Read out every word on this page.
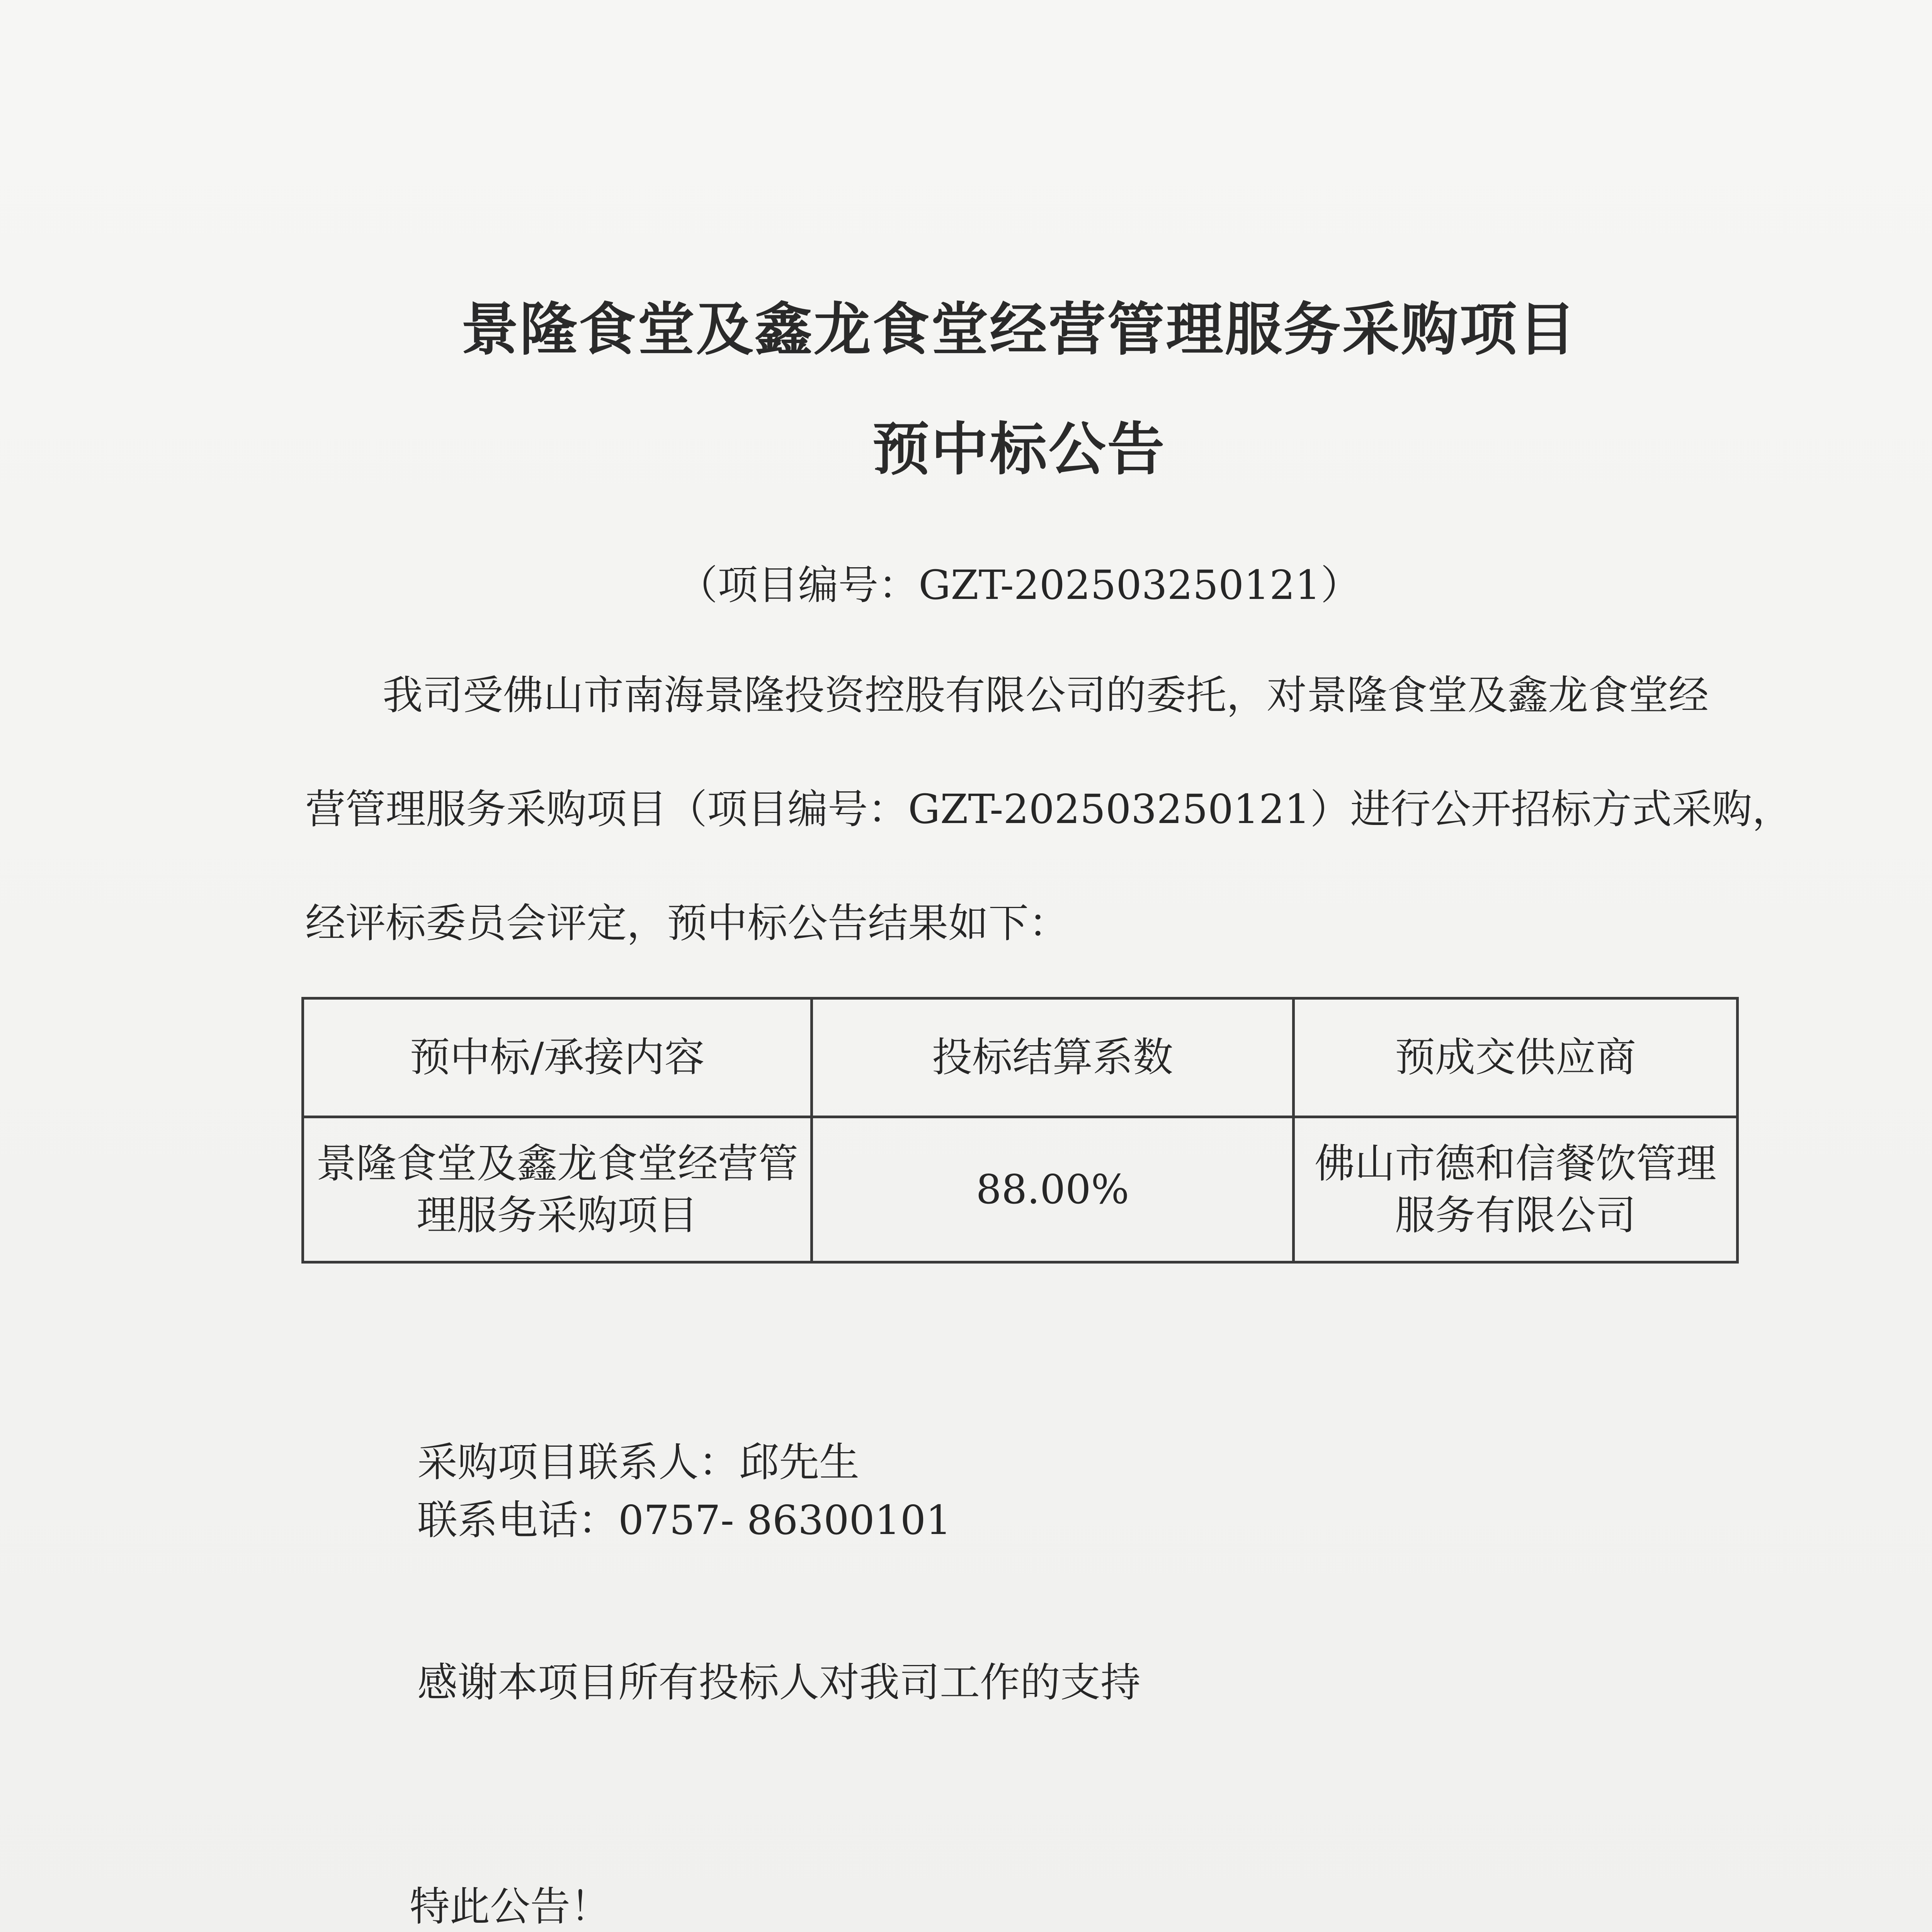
景隆食堂及鑫龙食堂经营管理服务采购项目
预中标公告
（项目编号：GZT-202503250121）
我司受佛山市南海景隆投资控股有限公司的委托，对景隆食堂及鑫龙食堂经
营管理服务采购项目（项目编号：GZT-202503250121）进行公开招标方式采购，
经评标委员会评定，预中标公告结果如下：
预中标/承接内容	投标结算系数	预成交供应商
景隆食堂及鑫龙食堂经营管理服务采购项目	88.00%	佛山市德和信餐饮管理服务有限公司
采购项目联系人：邱先生
联系电话：0757- 86300101
感谢本项目所有投标人对我司工作的支持
特此公告！
